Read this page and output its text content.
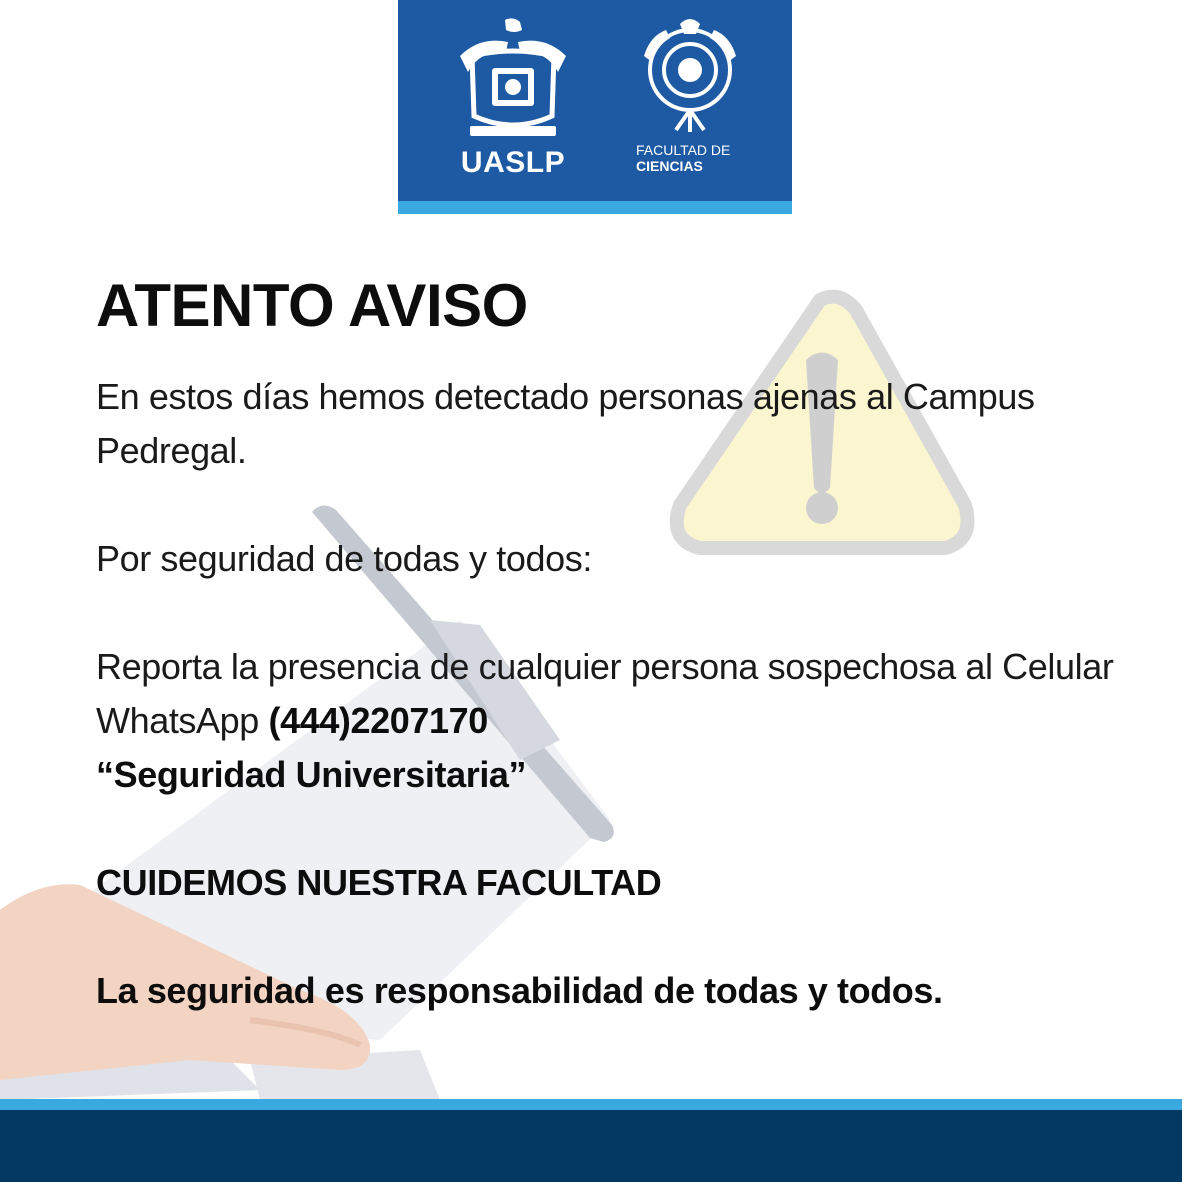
UASLP	FACULTAD DE
CIENCIAS
ATENTO AVISO

En estos días hemos detectado personas ajenas al Campus Pedregal.

Por seguridad de todas y todos:

Reporta la presencia de cualquier persona sospechosa al Celular WhatsApp (444)2207170
“Seguridad Universitaria”

CUIDEMOS NUESTRA FACULTAD

La seguridad es responsabilidad de todas y todos.
